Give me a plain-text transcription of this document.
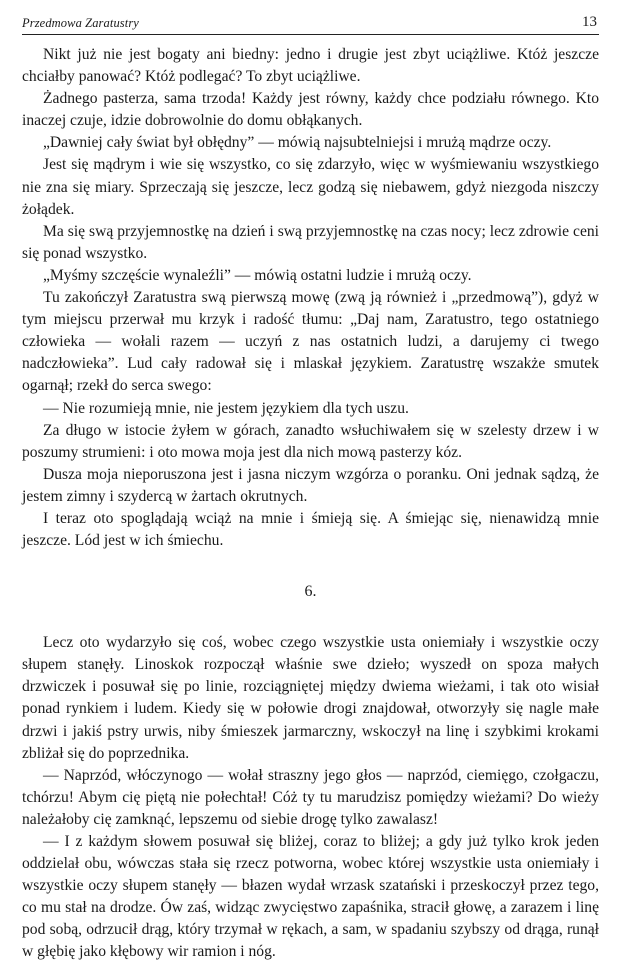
Przedmowa Zaratustry	13

Nikt już nie jest bogaty ani biedny: jedno i drugie jest zbyt uciążliwe. Któż jeszcze chciałby panować? Któż podlegać? To zbyt uciążliwe.

Żadnego pasterza, sama trzoda! Każdy jest równy, każdy chce podziału równego. Kto inaczej czuje, idzie dobrowolnie do domu obłąkanych.

„Dawniej cały świat był obłędny” — mówią najsubtelniejsi i mrużą mądrze oczy.

Jest się mądrym i wie się wszystko, co się zdarzyło, więc w wyśmiewaniu wszystkiego nie zna się miary. Sprzeczają się jeszcze, lecz godzą się niebawem, gdyż niezgoda niszczy żołądek.

Ma się swą przyjemnostkę na dzień i swą przyjemnostkę na czas nocy; lecz zdrowie ceni się ponad wszystko.

„Myśmy szczęście wynaleźli” — mówią ostatni ludzie i mrużą oczy.

Tu zakończył Zaratustra swą pierwszą mowę (zwą ją również i „przedmową”), gdyż w tym miejscu przerwał mu krzyk i radość tłumu: „Daj nam, Zaratustro, tego ostatniego człowieka — wołali razem — uczyń z nas ostatnich ludzi, a darujemy ci twego nadczłowieka”. Lud cały radował się i mlaskał językiem. Zaratustrę wszakże smutek ogarnął; rzekł do serca swego:

— Nie rozumieją mnie, nie jestem językiem dla tych uszu.

Za długo w istocie żyłem w górach, zanadto wsłuchiwałem się w szelesty drzew i w poszumy strumieni: i oto mowa moja jest dla nich mową pasterzy kóz.

Dusza moja nieporuszona jest i jasna niczym wzgórza o poranku. Oni jednak sądzą, że jestem zimny i szydercą w żartach okrutnych.

I teraz oto spoglądają wciąż na mnie i śmieją się. A śmiejąc się, nienawidzą mnie jeszcze. Lód jest w ich śmiechu.

6.

Lecz oto wydarzyło się coś, wobec czego wszystkie usta oniemiały i wszystkie oczy słupem stanęły. Linoskok rozpoczął właśnie swe dzieło; wyszedł on spoza małych drzwiczek i posuwał się po linie, rozciągniętej między dwiema wieżami, i tak oto wisiał ponad rynkiem i ludem. Kiedy się w połowie drogi znajdował, otworzyły się nagle małe drzwi i jakiś pstry urwis, niby śmieszek jarmarczny, wskoczył na linę i szybkimi krokami zbliżał się do poprzednika.

— Naprzód, włóczynogo — wołał straszny jego głos — naprzód, ciemięgo, czołgaczu, tchórzu! Abym cię piętą nie połechtał! Cóż ty tu marudzisz pomiędzy wieżami? Do wieży należałoby cię zamknąć, lepszemu od siebie drogę tylko zawalasz!

— I z każdym słowem posuwał się bliżej, coraz to bliżej; a gdy już tylko krok jeden oddzielał obu, wówczas stała się rzecz potworna, wobec której wszystkie usta oniemiały i wszystkie oczy słupem stanęły — błazen wydał wrzask szatański i przeskoczył przez tego, co mu stał na drodze. Ów zaś, widząc zwycięstwo zapaśnika, stracił głowę, a zarazem i linę pod sobą, odrzucił drąg, który trzymał w rękach, a sam, w spadaniu szybszy od drąga, runął w głębię jako kłębowy wir ramion i nóg.
